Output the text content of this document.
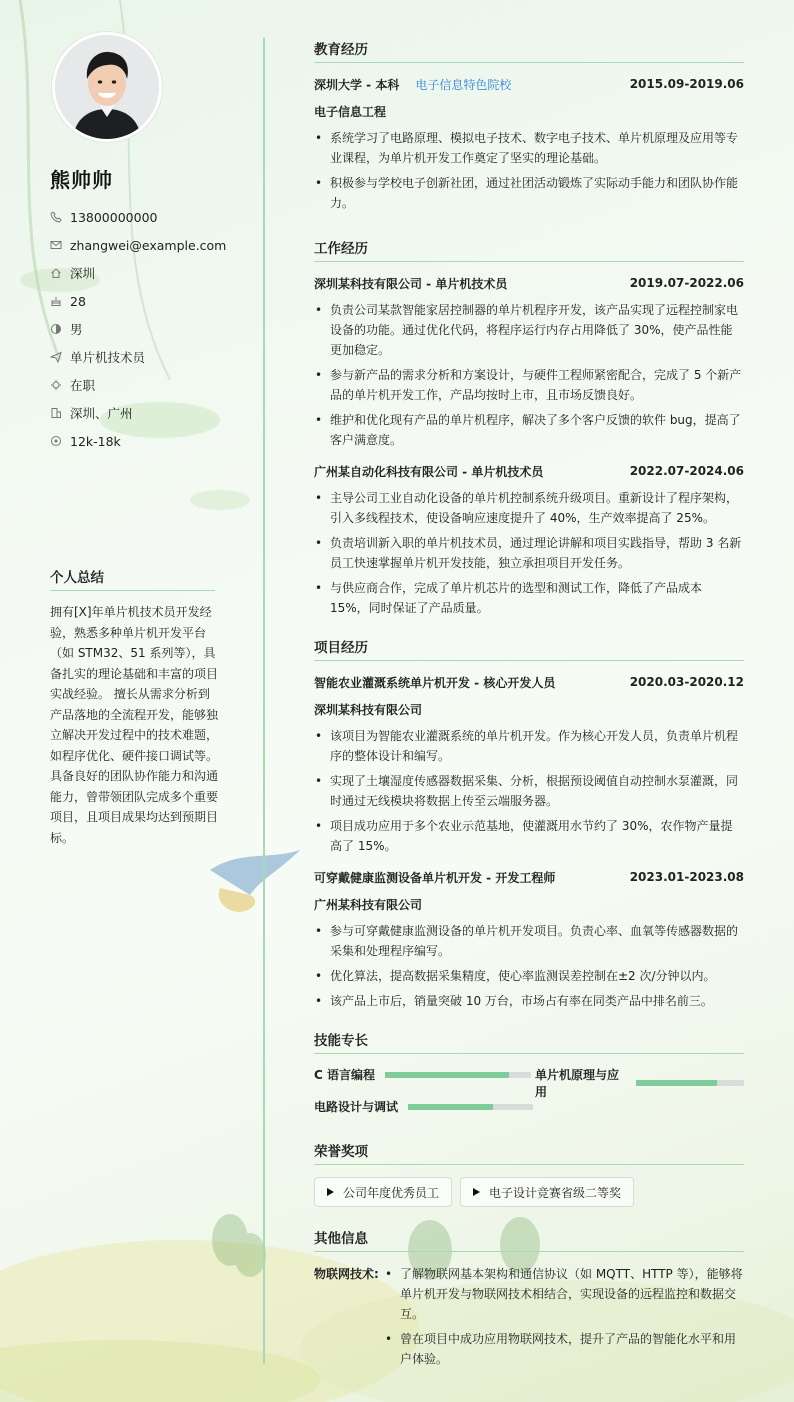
熊帅帅
13800000000
zhangwei@example.com
深圳
28
男
单片机技术员
在职
深圳、广州
12k-18k
个人总结
拥有[X]年单片机技术员开发经验，熟悉多种单片机开发平台（如 STM32、51 系列等），具备扎实的理论基础和丰富的项目实战经验。 擅长从需求分析到产品落地的全流程开发，能够独立解决开发过程中的技术难题，如程序优化、硬件接口调试等。 具备良好的团队协作能力和沟通能力，曾带领团队完成多个重要项目，且项目成果均达到预期目标。
教育经历
深圳大学 - 本科 电子信息特色院校	2015.09-2019.06
电子信息工程
• 系统学习了电路原理、模拟电子技术、数字电子技术、单片机原理及应用等专业课程，为单片机开发工作奠定了坚实的理论基础。
• 积极参与学校电子创新社团，通过社团活动锻炼了实际动手能力和团队协作能力。
工作经历
深圳某科技有限公司 - 单片机技术员	2019.07-2022.06
• 负责公司某款智能家居控制器的单片机程序开发，该产品实现了远程控制家电设备的功能。通过优化代码，将程序运行内存占用降低了 30%，使产品性能更加稳定。
• 参与新产品的需求分析和方案设计，与硬件工程师紧密配合，完成了 5 个新产品的单片机开发工作，产品均按时上市，且市场反馈良好。
• 维护和优化现有产品的单片机程序，解决了多个客户反馈的软件 bug，提高了客户满意度。
广州某自动化科技有限公司 - 单片机技术员	2022.07-2024.06
• 主导公司工业自动化设备的单片机控制系统升级项目。重新设计了程序架构，引入多线程技术，使设备响应速度提升了 40%，生产效率提高了 25%。
• 负责培训新入职的单片机技术员，通过理论讲解和项目实践指导，帮助 3 名新员工快速掌握单片机开发技能，独立承担项目开发任务。
• 与供应商合作，完成了单片机芯片的选型和测试工作，降低了产品成本 15%，同时保证了产品质量。
项目经历
智能农业灌溉系统单片机开发 - 核心开发人员	2020.03-2020.12
深圳某科技有限公司
• 该项目为智能农业灌溉系统的单片机开发。作为核心开发人员，负责单片机程序的整体设计和编写。
• 实现了土壤湿度传感器数据采集、分析，根据预设阈值自动控制水泵灌溉，同时通过无线模块将数据上传至云端服务器。
• 项目成功应用于多个农业示范基地，使灌溉用水节约了 30%，农作物产量提高了 15%。
可穿戴健康监测设备单片机开发 - 开发工程师	2023.01-2023.08
广州某科技有限公司
• 参与可穿戴健康监测设备的单片机开发项目。负责心率、血氧等传感器数据的采集和处理程序编写。
• 优化算法，提高数据采集精度，使心率监测误差控制在±2 次/分钟以内。
• 该产品上市后，销量突破 10 万台，市场占有率在同类产品中排名前三。
技能专长
C 语言编程	单片机原理与应用
电路设计与调试
荣誉奖项
公司年度优秀员工	电子设计竞赛省级二等奖
其他信息
物联网技术:
•	了解物联网基本架构和通信协议（如 MQTT、HTTP 等），能够将单片机开发与物联网技术相结合，实现设备的远程监控和数据交互。
• 曾在项目中成功应用物联网技术，提升了产品的智能化水平和用户体验。
